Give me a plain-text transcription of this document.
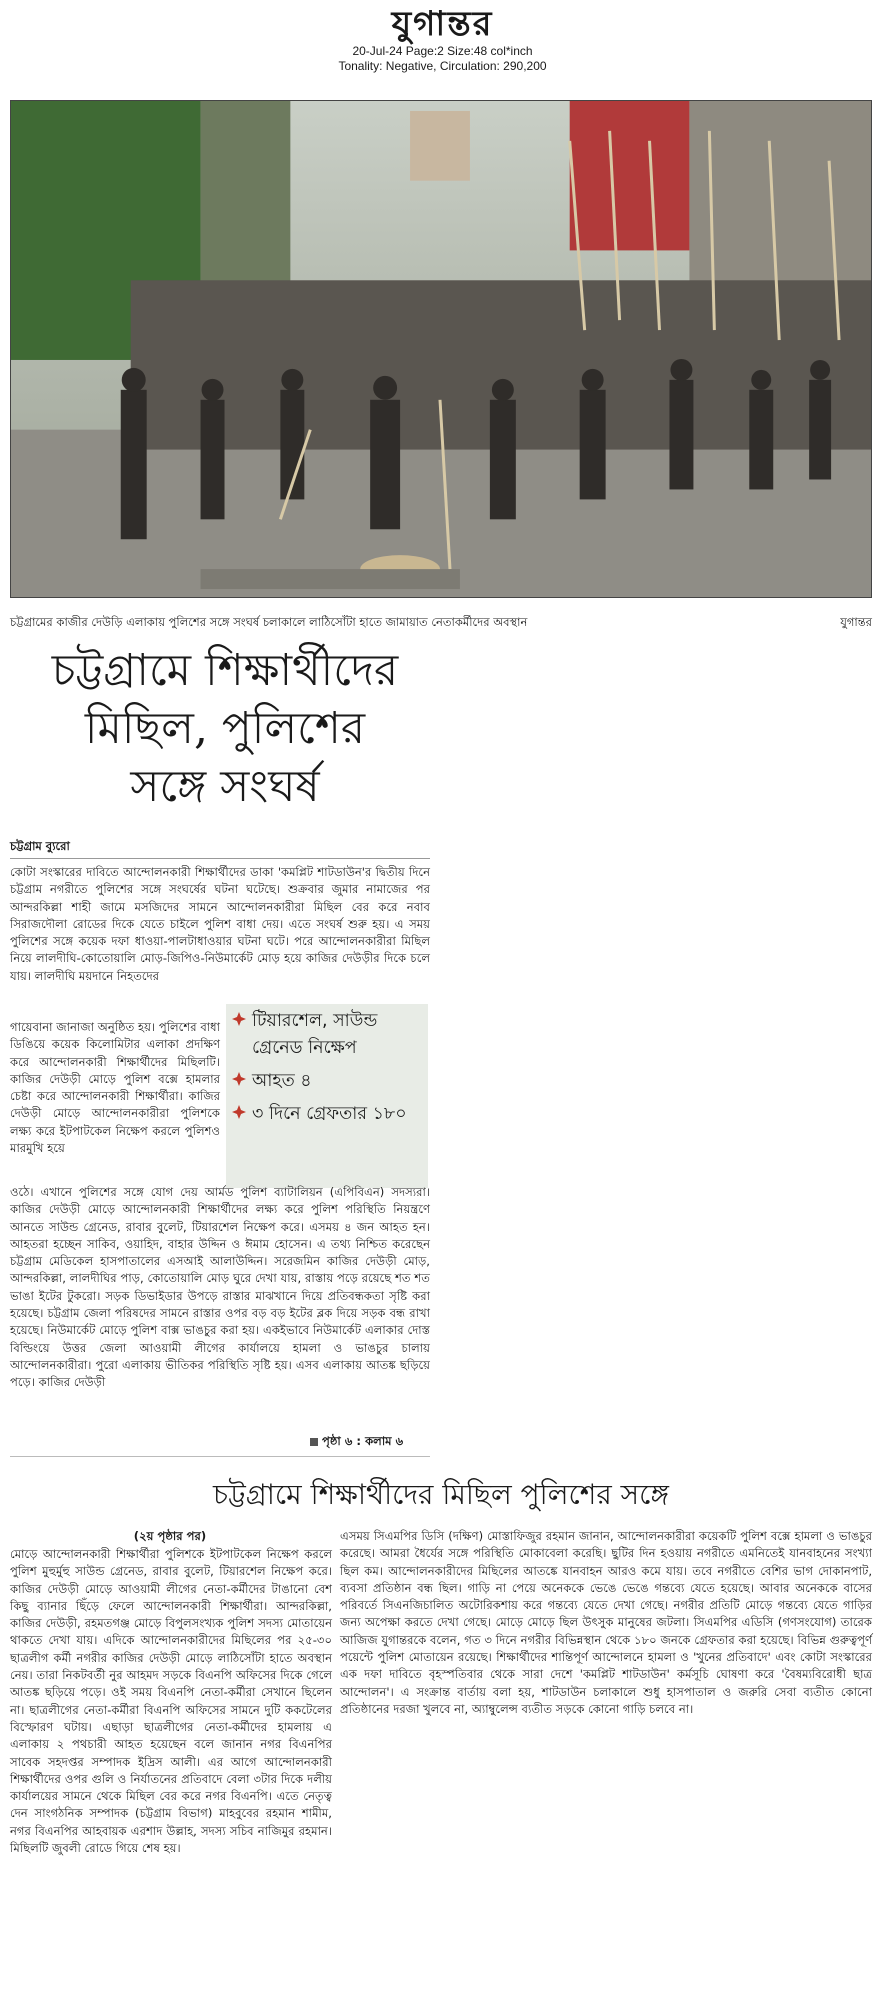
যুগান্তর
20-Jul-24 Page:2 Size:48 col*inch
Tonality: Negative, Circulation: 290,200
চট্টগ্রামের কাজীর দেউড়ি এলাকায় পুলিশের সঙ্গে সংঘর্ষ চলাকালে লাঠিসোঁটা হাতে জামায়াত নেতাকর্মীদের অবস্থান	যুগান্তর
চট্টগ্রামে শিক্ষার্থীদের
মিছিল, পুলিশের
সঙ্গে সংঘর্ষ
চট্টগ্রাম ব্যুরো

কোটা সংস্কারের দাবিতে আন্দোলনকারী শিক্ষার্থীদের ডাকা 'কমপ্লিট শাটডাউন'র দ্বিতীয় দিনে চট্টগ্রাম নগরীতে পুলিশের সঙ্গে সংঘর্ষের ঘটনা ঘটেছে। শুক্রবার জুমার নামাজের পর আন্দরকিল্লা শাহী জামে মসজিদের সামনে আন্দোলনকারীরা মিছিল বের করে নবাব সিরাজদৌলা রোডের দিকে যেতে চাইলে পুলিশ বাধা দেয়। এতে সংঘর্ষ শুরু হয়। এ সময় পুলিশের সঙ্গে কয়েক দফা ধাওয়া-পালটাধাওয়ার ঘটনা ঘটে। পরে আন্দোলনকারীরা মিছিল নিয়ে লালদীঘি-কোতোয়ালি মোড়-জিপিও-নিউমার্কেট মোড় হয়ে কাজির দেউড়ীর দিকে চলে যায়। লালদীঘি ময়দানে নিহতদের

গায়েবানা জানাজা অনুষ্ঠিত হয়। পুলিশের বাধা ডিঙিয়ে কয়েক কিলোমিটার এলাকা প্রদক্ষিণ করে আন্দোলনকারী শিক্ষার্থীদের মিছিলটি। কাজির দেউড়ী মোড়ে পুলিশ বক্সে হামলার চেষ্টা করে আন্দোলনকারী শিক্ষার্থীরা। কাজির দেউড়ী মোড়ে আন্দোলনকারীরা পুলিশকে লক্ষ্য করে ইটপাটকেল নিক্ষেপ করলে পুলিশও মারমুখি হয়ে

টিয়ারশেল, সাউন্ড গ্রেনেড নিক্ষেপ
আহত ৪
৩ দিনে গ্রেফতার ১৮০

ওঠে। এখানে পুলিশের সঙ্গে যোগ দেয় আর্মড পুলিশ ব্যাটালিয়ন (এপিবিএন) সদস্যরা। কাজির দেউড়ী মোড়ে আন্দোলনকারী শিক্ষার্থীদের লক্ষ্য করে পুলিশ পরিস্থিতি নিয়ন্ত্রণে আনতে সাউন্ড গ্রেনেড, রাবার বুলেট, টিয়ারশেল নিক্ষেপ করে। এসময় ৪ জন আহত হন। আহতরা হচ্ছেন সাকিব, ওয়াহিদ, বাহার উদ্দিন ও ঈমাম হোসেন। এ তথ্য নিশ্চিত করেছেন চট্টগ্রাম মেডিকেল হাসপাতালের এসআই আলাউদ্দিন। সরেজমিন কাজির দেউড়ী মোড়, আন্দরকিল্লা, লালদীঘির পাড়, কোতোয়ালি মোড় ঘুরে দেখা যায়, রাস্তায় পড়ে রয়েছে শত শত ভাঙা ইটের টুকরো। সড়ক ডিভাইডার উপড়ে রাস্তার মাঝখানে দিয়ে প্রতিবন্ধকতা সৃষ্টি করা হয়েছে। চট্টগ্রাম জেলা পরিষদের সামনে রাস্তার ওপর বড় বড় ইটের ব্লক দিয়ে সড়ক বন্ধ রাখা হয়েছে। নিউমার্কেট মোড়ে পুলিশ বাক্স ভাঙচুর করা হয়। একইভাবে নিউমার্কেট এলাকার দোস্ত বিল্ডিংয়ে উত্তর জেলা আওয়ামী লীগের কার্যালয়ে হামলা ও ভাঙচুর চালায় আন্দোলনকারীরা। পুরো এলাকায় ভীতিকর পরিস্থিতি সৃষ্টি হয়। এসব এলাকায় আতঙ্ক ছড়িয়ে পড়ে। কাজির দেউড়ী

পৃষ্ঠা ৬ : কলাম ৬
চট্টগ্রামে শিক্ষার্থীদের মিছিল পুলিশের সঙ্গে
(২য় পৃষ্ঠার পর)

মোড়ে আন্দোলনকারী শিক্ষার্থীরা পুলিশকে ইটপাটকেল নিক্ষেপ করলে পুলিশ মুহুর্মুহু সাউন্ড গ্রেনেড, রাবার বুলেট, টিয়ারশেল নিক্ষেপ করে। কাজির দেউড়ী মোড়ে আওয়ামী লীগের নেতা-কর্মীদের টাঙানো বেশ কিছু ব্যানার ছিঁড়ে ফেলে আন্দোলনকারী শিক্ষার্থীরা। আন্দরকিল্লা, কাজির দেউড়ী, রহমতগঞ্জ মোড়ে বিপুলসংখ্যক পুলিশ সদস্য মোতায়েন থাকতে দেখা যায়। এদিকে আন্দোলনকারীদের মিছিলের পর ২৫-৩০ ছাত্রলীগ কর্মী নগরীর কাজির দেউড়ী মোড়ে লাঠিসোঁটা হাতে অবস্থান নেয়। তারা নিকটবর্তী নুর আহমদ সড়কে বিএনপি অফিসের দিকে গেলে আতঙ্ক ছড়িয়ে পড়ে। ওই সময় বিএনপি নেতা-কর্মীরা সেখানে ছিলেন না। ছাত্রলীগের নেতা-কর্মীরা বিএনপি অফিসের সামনে দুটি ককটেলের বিস্ফোরণ ঘটায়। এছাড়া ছাত্রলীগের নেতা-কর্মীদের হামলায় এ এলাকায় ২ পথচারী আহত হয়েছেন বলে জানান নগর বিএনপির সাবেক সহদপ্তর সম্পাদক ইদ্রিস আলী। এর আগে আন্দোলনকারী শিক্ষার্থীদের ওপর গুলি ও নির্যাতনের প্রতিবাদে বেলা ৩টার দিকে দলীয় কার্যালয়ের সামনে থেকে মিছিল বের করে নগর বিএনপি। এতে নেতৃত্ব দেন সাংগঠনিক সম্পাদক (চট্টগ্রাম বিভাগ) মাহবুবের রহমান শামীম, নগর বিএনপির আহবায়ক এরশাদ উল্লাহ, সদস্য সচিব নাজিমুর রহমান। মিছিলটি জুবলী রোডে গিয়ে শেষ হয়।

এসময় সিএমপির ডিসি (দক্ষিণ) মোস্তাফিজুর রহমান জানান, আন্দোলনকারীরা কয়েকটি পুলিশ বক্সে হামলা ও ভাঙচুর করেছে। আমরা ধৈর্যের সঙ্গে পরিস্থিতি মোকাবেলা করেছি। ছুটির দিন হওয়ায় নগরীতে এমনিতেই যানবাহনের সংখ্যা ছিল কম। আন্দোলনকারীদের মিছিলের আতঙ্কে যানবাহন আরও কমে যায়। তবে নগরীতে বেশির ভাগ দোকানপাট, ব্যবসা প্রতিষ্ঠান বন্ধ ছিল। গাড়ি না পেয়ে অনেককে ভেঙে ভেঙে গন্তব্যে যেতে হয়েছে। আবার অনেককে বাসের পরিবর্তে সিএনজিচালিত অটোরিকশায় করে গন্তব্যে যেতে দেখা গেছে। নগরীর প্রতিটি মোড়ে গন্তব্যে যেতে গাড়ির জন্য অপেক্ষা করতে দেখা গেছে। মোড়ে মোড়ে ছিল উৎসুক মানুষের জটলা। সিএমপির এডিসি (গণসংযোগ) তারেক আজিজ যুগান্তরকে বলেন, গত ৩ দিনে নগরীর বিভিন্নস্থান থেকে ১৮০ জনকে গ্রেফতার করা হয়েছে। বিভিন্ন গুরুত্বপূর্ণ পয়েন্টে পুলিশ মোতায়েন রয়েছে। শিক্ষার্থীদের শান্তিপূর্ণ আন্দোলনে হামলা ও 'খুনের প্রতিবাদে' এবং কোটা সংস্কারের এক দফা দাবিতে বৃহস্পতিবার থেকে সারা দেশে 'কমপ্লিট শাটডাউন' কর্মসূচি ঘোষণা করে 'বৈষম্যবিরোধী ছাত্র আন্দোলন'। এ সংক্রান্ত বার্তায় বলা হয়, শাটডাউন চলাকালে শুধু হাসপাতাল ও জরুরি সেবা ব্যতীত কোনো প্রতিষ্ঠানের দরজা খুলবে না, অ্যাম্বুলেন্স ব্যতীত সড়কে কোনো গাড়ি চলবে না।
